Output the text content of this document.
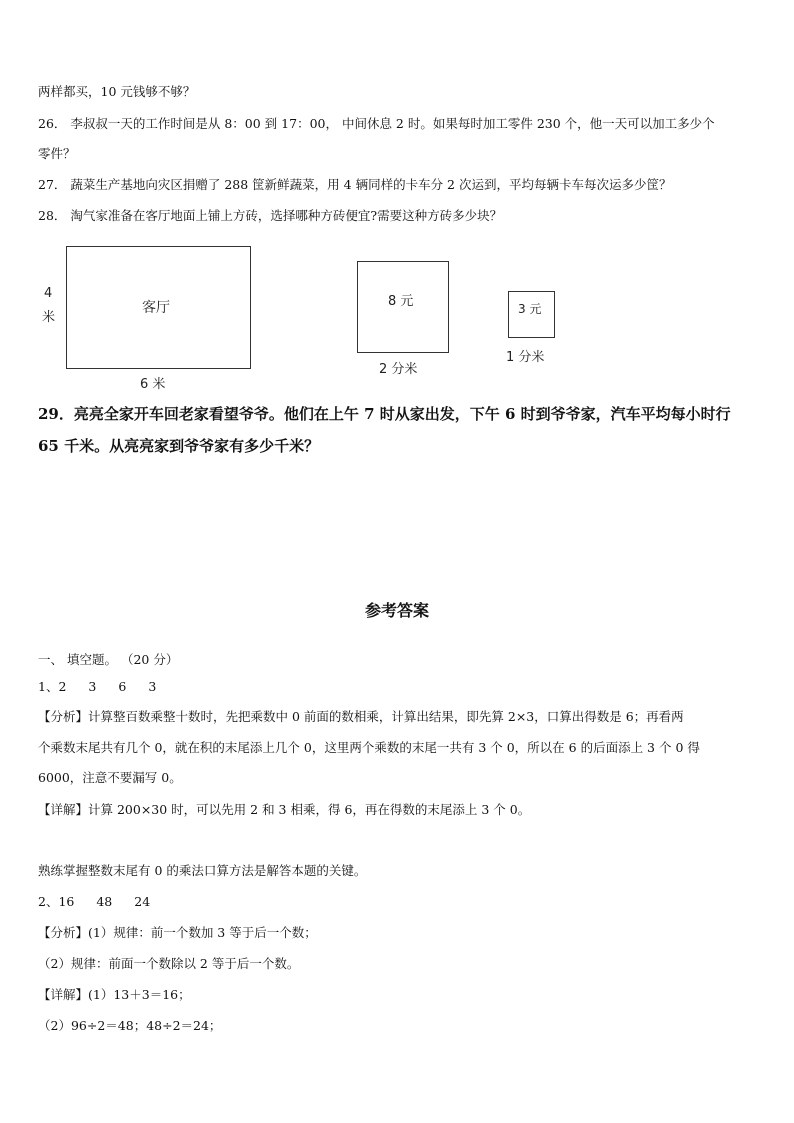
两样都买，10 元钱够不够？
26． 李叔叔一天的工作时间是从 8：00 到 17：00， 中间休息 2 时。如果每时加工零件 230 个，他一天可以加工多少个
零件？
27． 蔬菜生产基地向灾区捐赠了 288 筐新鲜蔬菜，用 4 辆同样的卡车分 2 次运到，平均每辆卡车每次运多少筐？
28． 淘气家准备在客厅地面上铺上方砖，选择哪种方砖便宜?需要这种方砖多少块？
4
米
客厅
6 米
8 元
2 分米
3 元
1 分米
29．亮亮全家开车回老家看望爷爷。他们在上午 7 时从家出发，下午 6 时到爷爷家，汽车平均每小时行
65 千米。从亮亮家到爷爷家有多少千米？
参考答案
一、 填空题。 （20 分）
1、2 3 6 3
【分析】计算整百数乘整十数时，先把乘数中 0 前面的数相乘，计算出结果，即先算 2×3，口算出得数是 6；再看两
个乘数末尾共有几个 0，就在积的末尾添上几个 0，这里两个乘数的末尾一共有 3 个 0，所以在 6 的后面添上 3 个 0 得
6000，注意不要漏写 0。
【详解】计算 200×30 时，可以先用 2 和 3 相乘，得 6，再在得数的末尾添上 3 个 0。
熟练掌握整数末尾有 0 的乘法口算方法是解答本题的关键。
2、16 48 24
【分析】(1）规律：前一个数加 3 等于后一个数；
（2）规律：前面一个数除以 2 等于后一个数。
【详解】(1）13＋3＝16；
（2）96÷2＝48；48÷2＝24；
